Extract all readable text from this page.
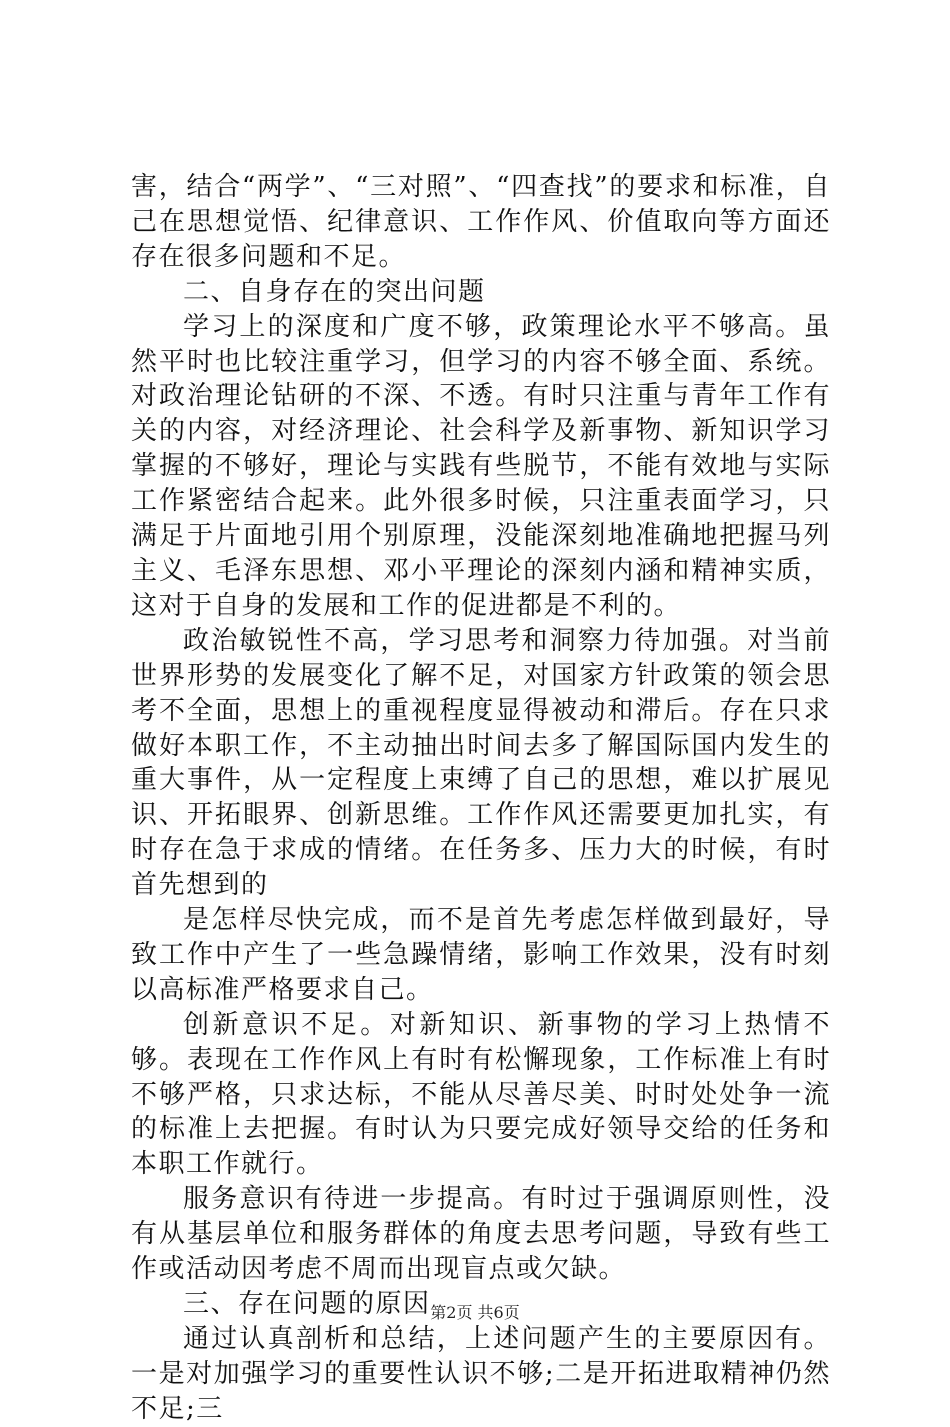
害，结合“两学”、“三对照”、“四查找”的要求和标准，自己在思想觉悟、纪律意识、工作作风、价值取向等方面还存在很多问题和不足。

二、自身存在的突出问题

学习上的深度和广度不够，政策理论水平不够高。虽然平时也比较注重学习，但学习的内容不够全面、系统。对政治理论钻研的不深、不透。有时只注重与青年工作有关的内容，对经济理论、社会科学及新事物、新知识学习掌握的不够好，理论与实践有些脱节，不能有效地与实际工作紧密结合起来。此外很多时候，只注重表面学习，只满足于片面地引用个别原理，没能深刻地准确地把握马列主义、毛泽东思想、邓小平理论的深刻内涵和精神实质，这对于自身的发展和工作的促进都是不利的。

政治敏锐性不高，学习思考和洞察力待加强。对当前世界形势的发展变化了解不足，对国家方针政策的领会思考不全面，思想上的重视程度显得被动和滞后。存在只求做好本职工作，不主动抽出时间去多了解国际国内发生的重大事件，从一定程度上束缚了自己的思想，难以扩展见识、开拓眼界、创新思维。工作作风还需要更加扎实，有时存在急于求成的情绪。在任务多、压力大的时候，有时首先想到的

是怎样尽快完成，而不是首先考虑怎样做到最好，导致工作中产生了一些急躁情绪，影响工作效果，没有时刻以高标准严格要求自己。

创新意识不足。对新知识、新事物的学习上热情不够。表现在工作作风上有时有松懈现象，工作标准上有时不够严格，只求达标，不能从尽善尽美、时时处处争一流的标准上去把握。有时认为只要完成好领导交给的任务和本职工作就行。

服务意识有待进一步提高。有时过于强调原则性，没有从基层单位和服务群体的角度去思考问题，导致有些工作或活动因考虑不周而出现盲点或欠缺。

三、存在问题的原因

通过认真剖析和总结，上述问题产生的主要原因有。一是对加强学习的重要性认识不够;二是开拓进取精神仍然不足;三

第2页 共6页
